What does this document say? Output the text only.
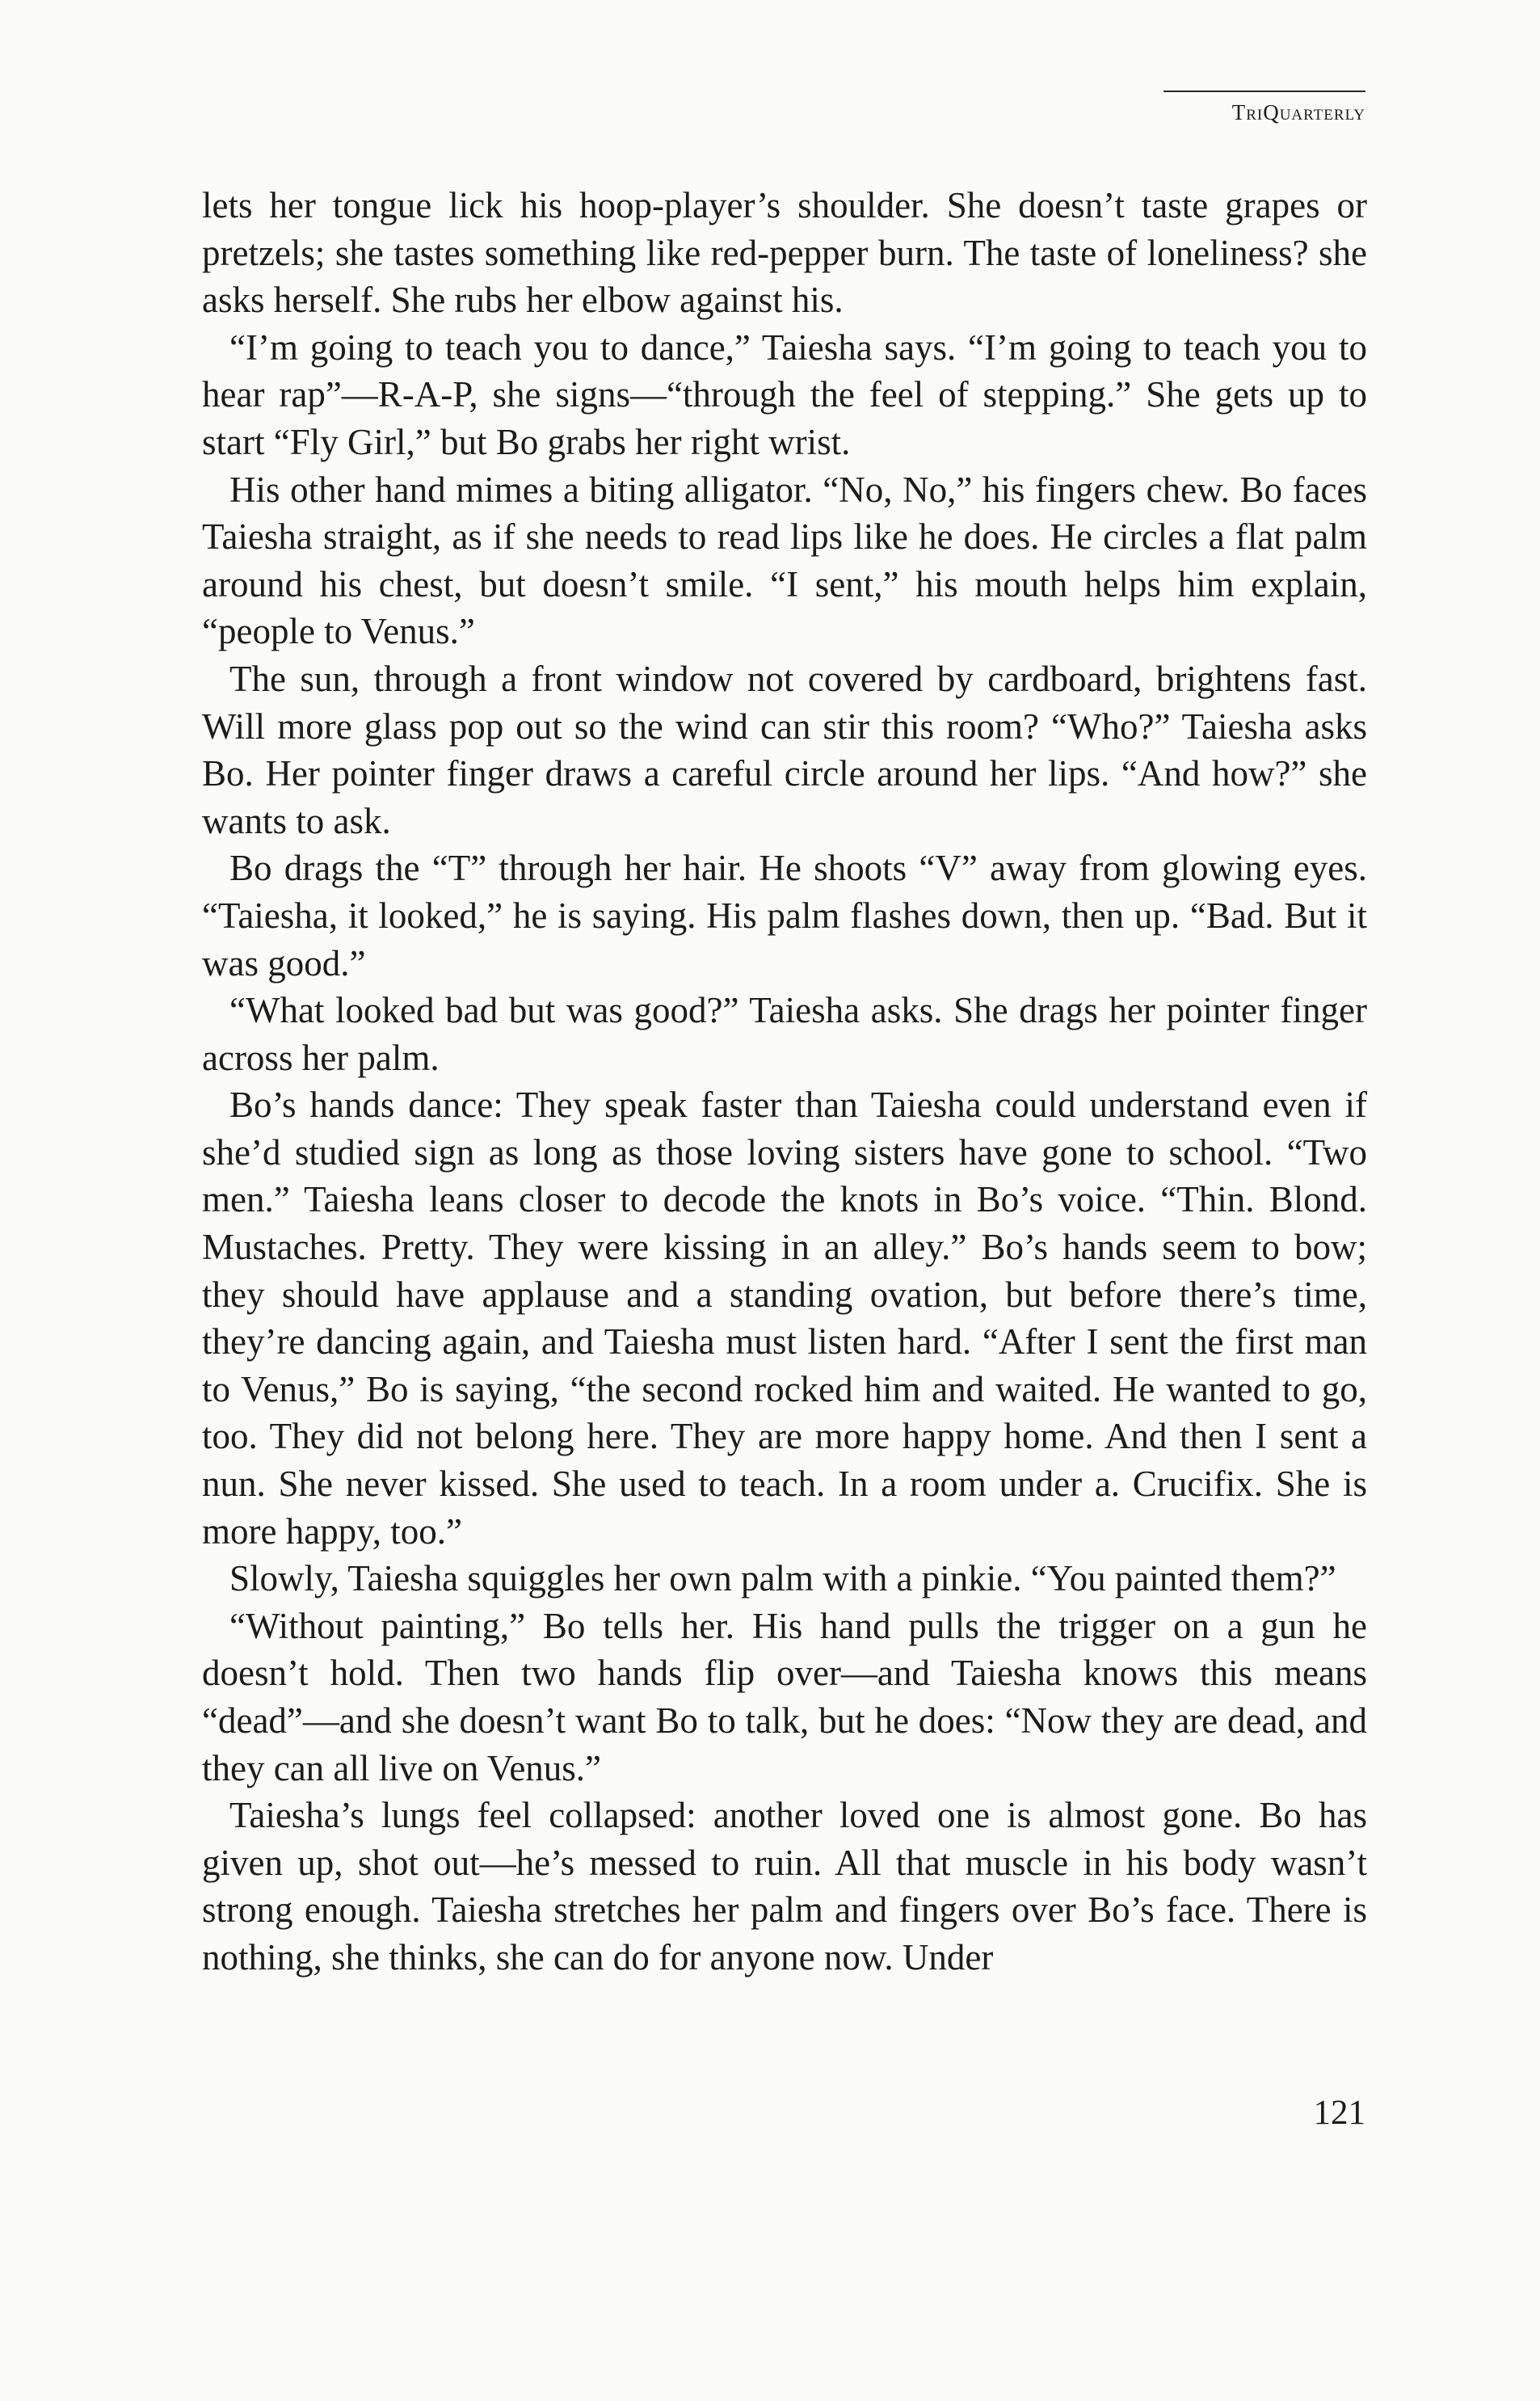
TriQuarterly

lets her tongue lick his hoop-player’s shoulder. She doesn’t taste grapes or pretzels; she tastes something like red-pepper burn. The taste of loneliness? she asks herself. She rubs her elbow against his.

“I’m going to teach you to dance,” Taiesha says. “I’m going to teach you to hear rap”—R-A-P, she signs—“through the feel of stepping.” She gets up to start “Fly Girl,” but Bo grabs her right wrist.

His other hand mimes a biting alligator. “No, No,” his fingers chew. Bo faces Taiesha straight, as if she needs to read lips like he does. He circles a flat palm around his chest, but doesn’t smile. “I sent,” his mouth helps him explain, “people to Venus.”

The sun, through a front window not covered by cardboard, brightens fast. Will more glass pop out so the wind can stir this room? “Who?” Taiesha asks Bo. Her pointer finger draws a careful circle around her lips. “And how?” she wants to ask.

Bo drags the “T” through her hair. He shoots “V” away from glowing eyes. “Taiesha, it looked,” he is saying. His palm flashes down, then up. “Bad. But it was good.”

“What looked bad but was good?” Taiesha asks. She drags her pointer finger across her palm.

Bo’s hands dance: They speak faster than Taiesha could understand even if she’d studied sign as long as those loving sisters have gone to school. “Two men.” Taiesha leans closer to decode the knots in Bo’s voice. “Thin. Blond. Mustaches. Pretty. They were kissing in an alley.” Bo’s hands seem to bow; they should have applause and a standing ovation, but before there’s time, they’re dancing again, and Taiesha must listen hard. “After I sent the first man to Venus,” Bo is saying, “the second rocked him and waited. He wanted to go, too. They did not belong here. They are more happy home. And then I sent a nun. She never kissed. She used to teach. In a room under a. Crucifix. She is more happy, too.”

Slowly, Taiesha squiggles her own palm with a pinkie. “You painted them?”

“Without painting,” Bo tells her. His hand pulls the trigger on a gun he doesn’t hold. Then two hands flip over—and Taiesha knows this means “dead”—and she doesn’t want Bo to talk, but he does: “Now they are dead, and they can all live on Venus.”

Taiesha’s lungs feel collapsed: another loved one is almost gone. Bo has given up, shot out—he’s messed to ruin. All that muscle in his body wasn’t strong enough. Taiesha stretches her palm and fingers over Bo’s face. There is nothing, she thinks, she can do for anyone now. Under

121
